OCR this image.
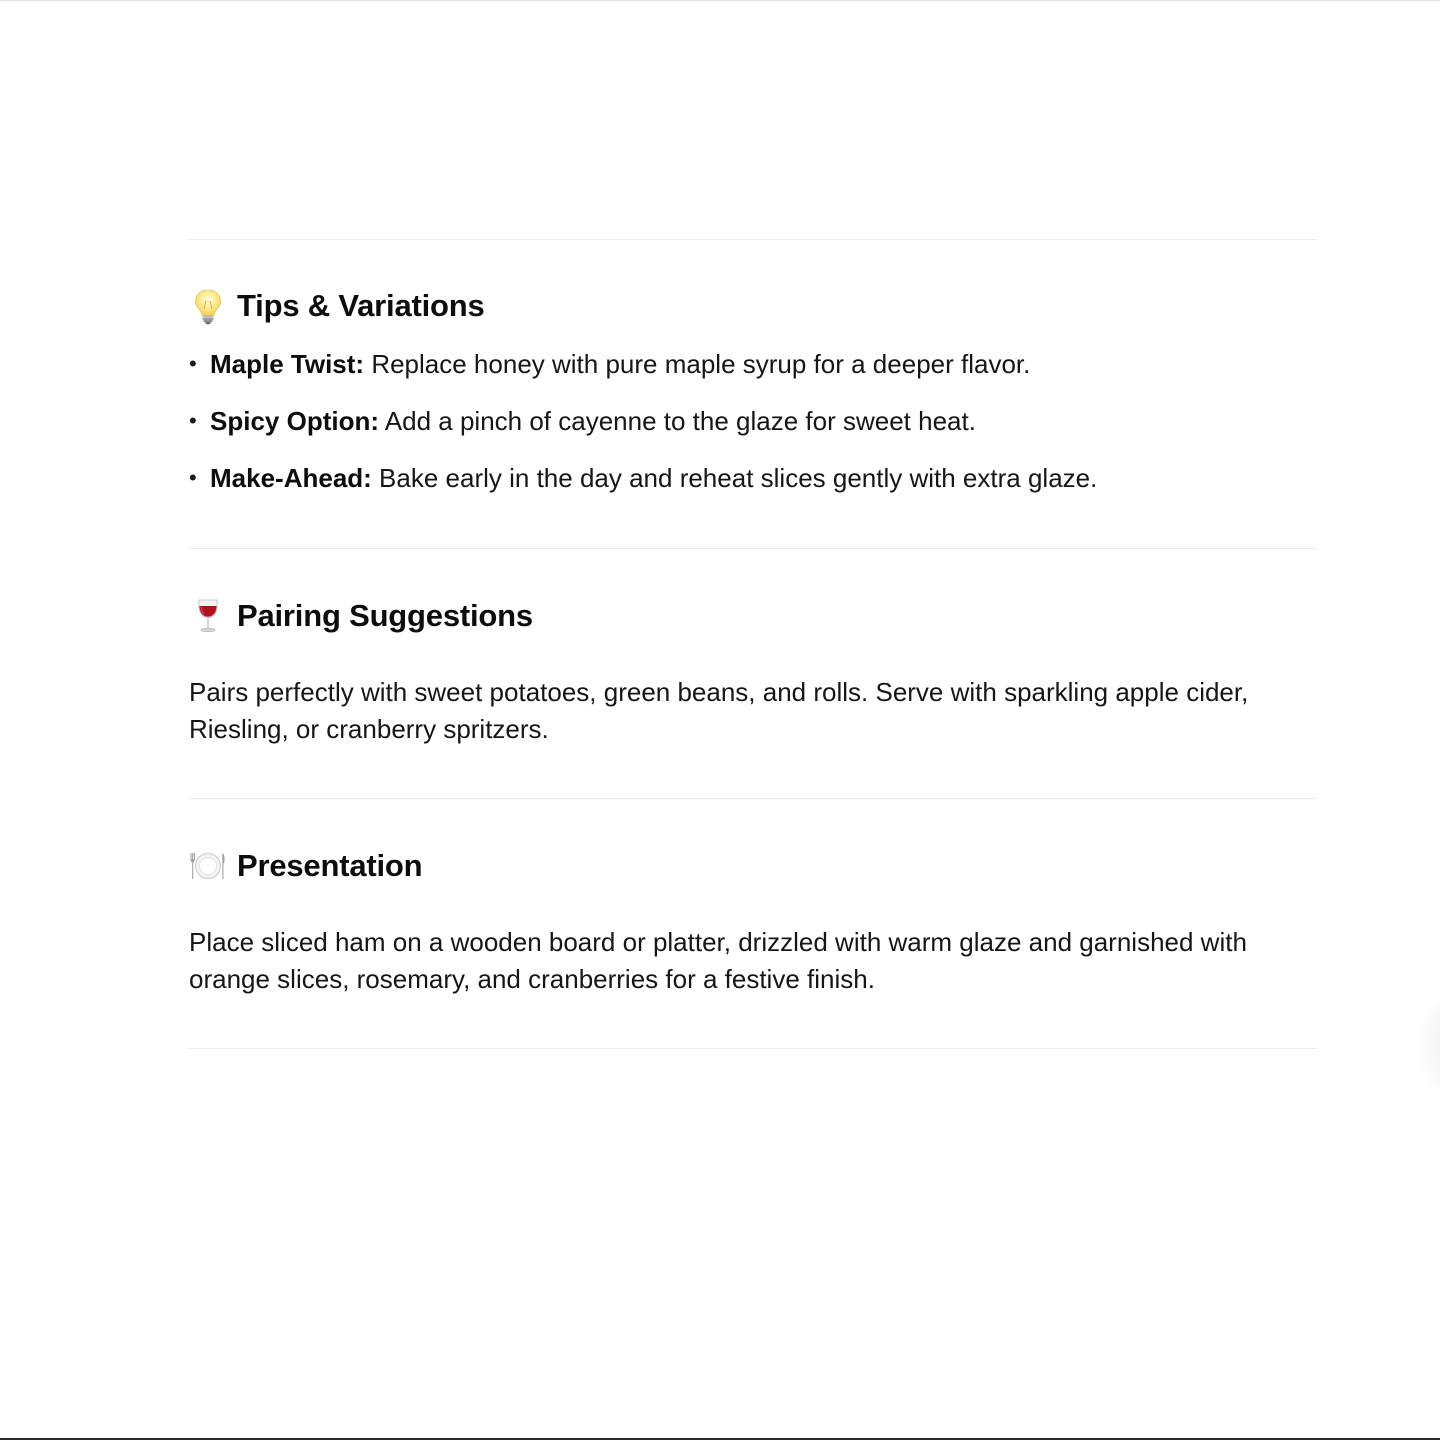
Tips & Variations
• Maple Twist: Replace honey with pure maple syrup for a deeper flavor.
• Spicy Option: Add a pinch of cayenne to the glaze for sweet heat.
• Make-Ahead: Bake early in the day and reheat slices gently with extra glaze.
Pairing Suggestions

Pairs perfectly with sweet potatoes, green beans, and rolls. Serve with sparkling apple cider, Riesling, or cranberry spritzers.

Presentation

Place sliced ham on a wooden board or platter, drizzled with warm glaze and garnished with orange slices, rosemary, and cranberries for a festive finish.
